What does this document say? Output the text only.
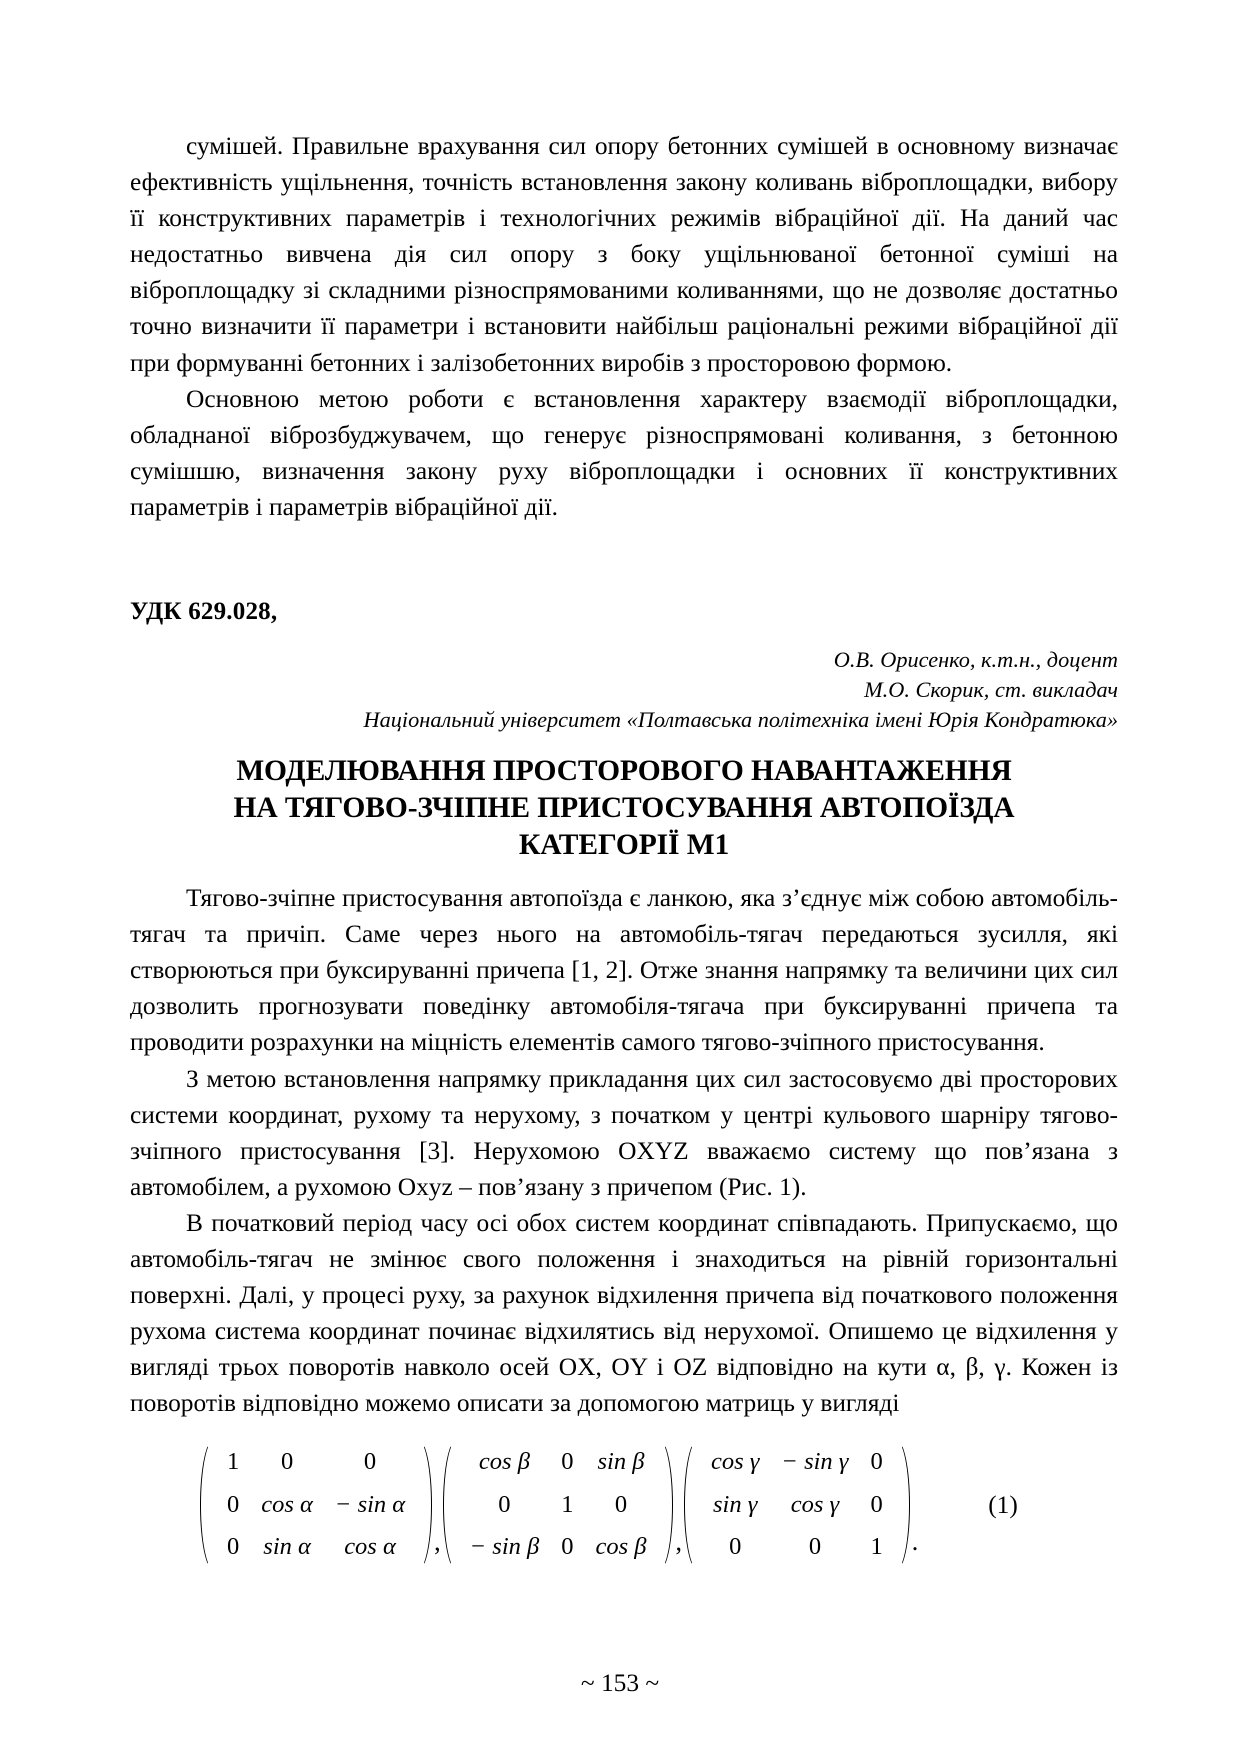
сумішей. Правильне врахування сил опору бетонних сумішей в основному визначає ефективність ущільнення, точність встановлення закону коливань віброплощадки, вибору її конструктивних параметрів і технологічних режимів вібраційної дії. На даний час недостатньо вивчена дія сил опору з боку ущільнюваної бетонної суміші на віброплощадку зі складними різноспрямованими коливаннями, що не дозволяє достатньо точно визначити її параметри і встановити найбільш раціональні режими вібраційної дії при формуванні бетонних і залізобетонних виробів з просторовою формою.

Основною метою роботи є встановлення характеру взаємодії віброплощадки, обладнаної віброзбуджувачем, що генерує різноспрямовані коливання, з бетонною сумішшю, визначення закону руху віброплощадки і основних її конструктивних параметрів і параметрів вібраційної дії.

УДК 629.028,

О.В. Орисенко, к.т.н., доцент
М.О. Скорик, ст. викладач
Національний університет «Полтавська політехніка імені Юрія Кондратюка»
МОДЕЛЮВАННЯ ПРОСТОРОВОГО НАВАНТАЖЕННЯ
НА ТЯГОВО-ЗЧІПНЕ ПРИСТОСУВАННЯ АВТОПОЇЗДА
КАТЕГОРІЇ М1

Тягово-зчіпне пристосування автопоїзда є ланкою, яка з’єднує між собою автомобіль-тягач та причіп. Саме через нього на автомобіль-тягач передаються зусилля, які створюються при буксируванні причепа [1, 2]. Отже знання напрямку та величини цих сил дозволить прогнозувати поведінку автомобіля-тягача при буксируванні причепа та проводити розрахунки на міцність елементів самого тягово-зчіпного пристосування.

З метою встановлення напрямку прикладання цих сил застосовуємо дві просторових системи координат, рухому та нерухому, з початком у центрі кульового шарніру тягово-зчіпного пристосування [3]. Нерухомою OXYZ вважаємо систему що пов’язана з автомобілем, а рухомою Oxyz – пов’язану з причепом (Рис. 1).

В початковий період часу осі обох систем координат співпадають. Припускаємо, що автомобіль-тягач не змінює свого положення і знаходиться на рівній горизонтальні поверхні. Далі, у процесі руху, за рахунок відхилення причепа від початкового положення рухома система координат починає відхилятись від нерухомої. Опишемо це відхилення у вигляді трьох поворотів навколо осей OX, OY і OZ відповідно на кути α, β, γ. Кожен із поворотів відповідно можемо описати за допомогою матриць у вигляді

1	0	0
0	cos α	− sin α
0	sin α	cos α ,
cos β	0	sin β
0	1	0
− sin β	0	cos β ,
cos γ	− sin γ	0
sin γ	cos γ	0
0	0	1 .
(1)
~ 153 ~
